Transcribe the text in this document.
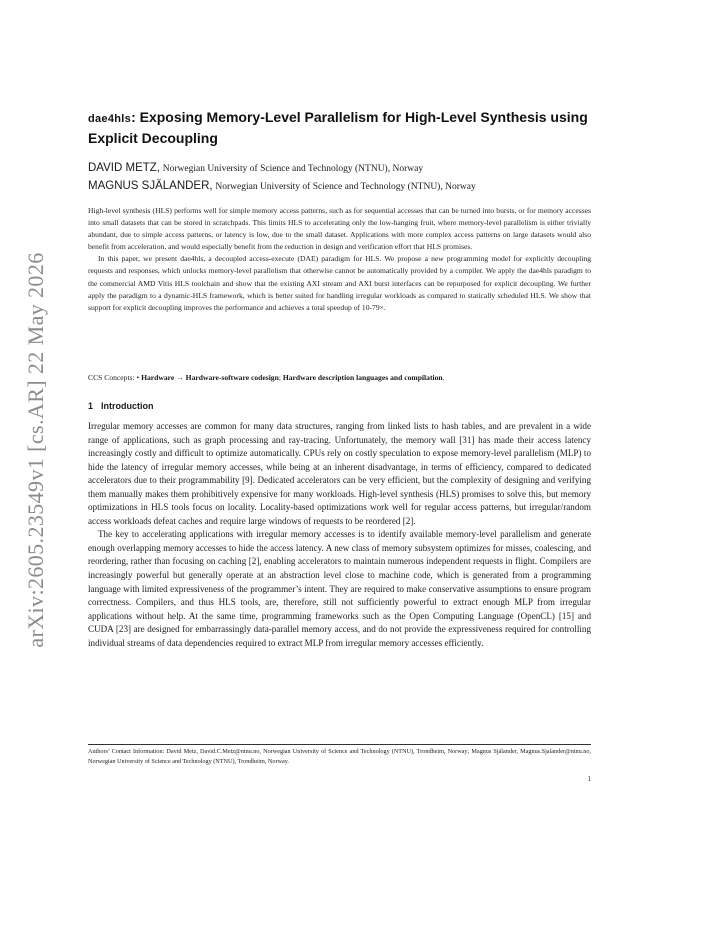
arXiv:2605.23549v1 [cs.AR] 22 May 2026
dae4hls: Exposing Memory-Level Parallelism for High-Level Synthesis using Explicit Decoupling
DAVID METZ, Norwegian University of Science and Technology (NTNU), Norway
MAGNUS SJÄLANDER, Norwegian University of Science and Technology (NTNU), Norway

High-level synthesis (HLS) performs well for simple memory access patterns, such as for sequential accesses that can be turned into bursts, or for memory accesses into small datasets that can be stored in scratchpads. This limits HLS to accelerating only the low-hanging fruit, where memory-level parallelism is either trivially abundant, due to simple access patterns, or latency is low, due to the small dataset. Applications with more complex access patterns on large datasets would also benefit from acceleration, and would especially benefit from the reduction in design and verification effort that HLS promises.

In this paper, we present dae4hls, a decoupled access-execute (DAE) paradigm for HLS. We propose a new programming model for explicitly decoupling requests and responses, which unlocks memory-level parallelism that otherwise cannot be automatically provided by a compiler. We apply the dae4hls paradigm to the commercial AMD Vitis HLS toolchain and show that the existing AXI stream and AXI burst interfaces can be repurposed for explicit decoupling. We further apply the paradigm to a dynamic-HLS framework, which is better suited for handling irregular workloads as compared to statically scheduled HLS. We show that support for explicit decoupling improves the performance and achieves a total speedup of 10-79×.

CCS Concepts: • Hardware → Hardware-software codesign; Hardware description languages and compilation.
1 Introduction

Irregular memory accesses are common for many data structures, ranging from linked lists to hash tables, and are prevalent in a wide range of applications, such as graph processing and ray-tracing. Unfortunately, the memory wall [31] has made their access latency increasingly costly and difficult to optimize automatically. CPUs rely on costly speculation to expose memory-level parallelism (MLP) to hide the latency of irregular memory accesses, while being at an inherent disadvantage, in terms of efficiency, compared to dedicated accelerators due to their programmability [9]. Dedicated accelerators can be very efficient, but the complexity of designing and verifying them manually makes them prohibitively expensive for many workloads. High-level synthesis (HLS) promises to solve this, but memory optimizations in HLS tools focus on locality. Locality-based optimizations work well for regular access patterns, but irregular/random access workloads defeat caches and require large windows of requests to be reordered [2].

The key to accelerating applications with irregular memory accesses is to identify available memory-level parallelism and generate enough overlapping memory accesses to hide the access latency. A new class of memory subsystem optimizes for misses, coalescing, and reordering, rather than focusing on caching [2], enabling accelerators to maintain numerous independent requests in flight. Compilers are increasingly powerful but generally operate at an abstraction level close to machine code, which is generated from a programming language with limited expressiveness of the programmer’s intent. They are required to make conservative assumptions to ensure program correctness. Compilers, and thus HLS tools, are, therefore, still not sufficiently powerful to extract enough MLP from irregular applications without help. At the same time, programming frameworks such as the Open Computing Language (OpenCL) [15] and CUDA [23] are designed for embarrassingly data-parallel memory access, and do not provide the expressiveness required for controlling individual streams of data dependencies required to extract MLP from irregular memory accesses efficiently.

Authors’ Contact Information: David Metz, David.C.Metz@ntnu.no, Norwegian University of Science and Technology (NTNU), Trondheim, Norway; Magnus Själander, Magnus.Sjalander@ntnu.no, Norwegian University of Science and Technology (NTNU), Trondheim, Norway.
1
